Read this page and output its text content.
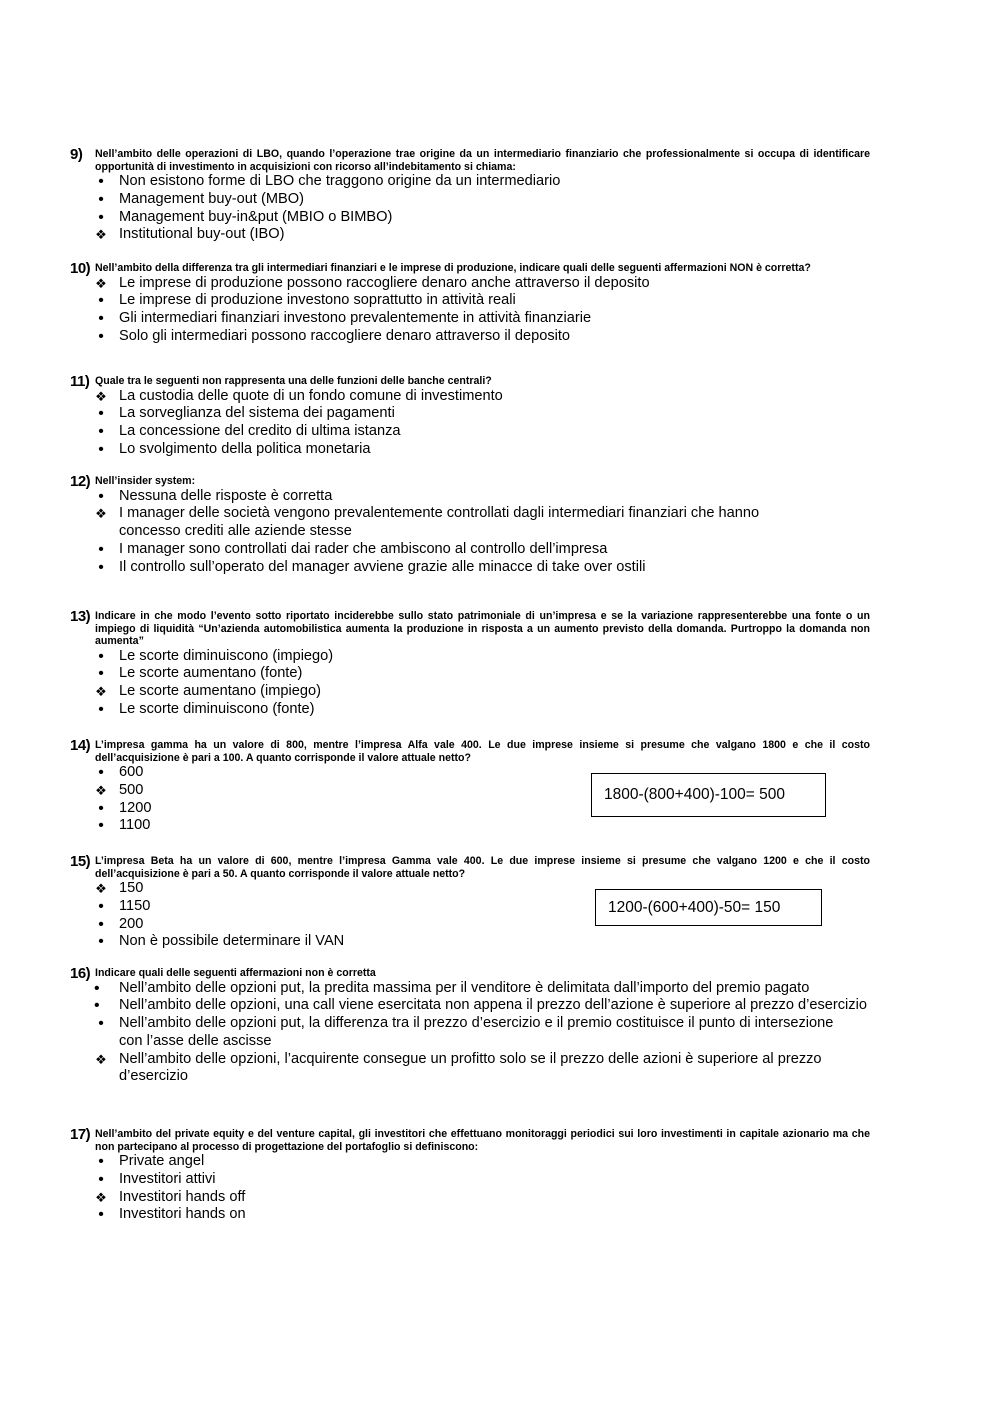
9) Nell’ambito delle operazioni di LBO, quando l’operazione trae origine da un intermediario finanziario che professionalmente si occupa di identificare opportunità di investimento in acquisizioni con ricorso all’indebitamento si chiama:
•
Non esistono forme di LBO che traggono origine da un intermediario
•
Management buy-out (MBO)
•
Management buy-in&put (MBIO o BIMBO)
❖
Institutional buy-out (IBO)
10) Nell’ambito della differenza tra gli intermediari finanziari e le imprese di produzione, indicare quali delle seguenti affermazioni NON è corretta?
❖
Le imprese di produzione possono raccogliere denaro anche attraverso il deposito
•
Le imprese di produzione investono soprattutto in attività reali
•
Gli intermediari finanziari investono prevalentemente in attività finanziarie
•
Solo gli intermediari possono raccogliere denaro attraverso il deposito
11) Quale tra le seguenti non rappresenta una delle funzioni delle banche centrali?
❖
La custodia delle quote di un fondo comune di investimento
•
La sorveglianza del sistema dei pagamenti
•
La concessione del credito di ultima istanza
•
Lo svolgimento della politica monetaria
12) Nell’insider system:
•
Nessuna delle risposte è corretta
❖
I manager delle società vengono prevalentemente controllati dagli intermediari finanziari che hanno concesso crediti alle aziende stesse
•
I manager sono controllati dai rader che ambiscono al controllo dell’impresa
•
Il controllo sull’operato del manager avviene grazie alle minacce di take over ostili
13) Indicare in che modo l’evento sotto riportato inciderebbe sullo stato patrimoniale di un’impresa e se la variazione rappresenterebbe una fonte o un impiego di liquidità “Un’azienda automobilistica aumenta la produzione in risposta a un aumento previsto della domanda. Purtroppo la domanda non aumenta”
•
Le scorte diminuiscono (impiego)
•
Le scorte aumentano (fonte)
❖
Le scorte aumentano (impiego)
•
Le scorte diminuiscono (fonte)
14) L’impresa gamma ha un valore di 800, mentre l’impresa Alfa vale 400. Le due imprese insieme si presume che valgano 1800 e che il costo dell’acquisizione è pari a 100. A quanto corrisponde il valore attuale netto?
•
600
❖
500
•
1200
•
1100
1800-(800+400)-100= 500
15) L’impresa Beta ha un valore di 600, mentre l’impresa Gamma vale 400. Le due imprese insieme si presume che valgano 1200 e che il costo dell’acquisizione è pari a 50. A quanto corrisponde il valore attuale netto?
❖
150
•
1150
•
200
•
Non è possibile determinare il VAN
1200-(600+400)-50= 150
16) Indicare quali delle seguenti affermazioni non è corretta
•
Nell’ambito delle opzioni put, la predita massima per il venditore è delimitata dall’importo del premio pagato
•
Nell’ambito delle opzioni, una call viene esercitata non appena il prezzo dell’azione è superiore al prezzo d’esercizio
•
Nell’ambito delle opzioni put, la differenza tra il prezzo d’esercizio e il premio costituisce il punto di intersezione con l’asse delle ascisse
❖
Nell’ambito delle opzioni, l’acquirente consegue un profitto solo se il prezzo delle azioni è superiore al prezzo d’esercizio
17) Nell’ambito del private equity e del venture capital, gli investitori che effettuano monitoraggi periodici sui loro investimenti in capitale azionario ma che non partecipano al processo di progettazione del portafoglio si definiscono:
•
Private angel
•
Investitori attivi
❖
Investitori hands off
•
Investitori hands on
